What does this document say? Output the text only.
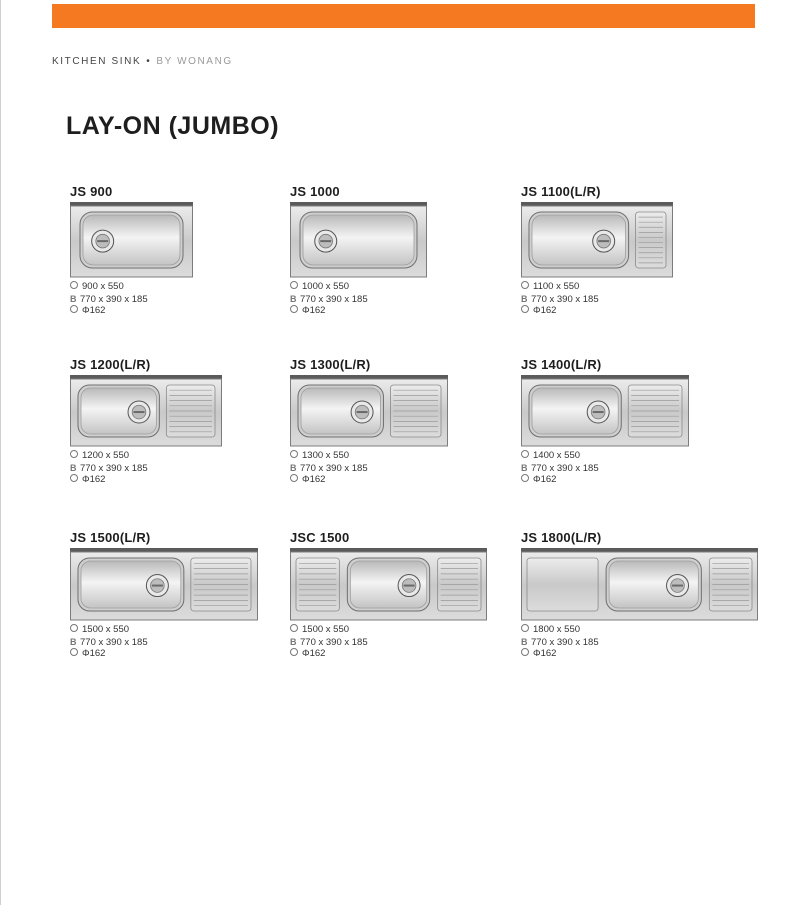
KITCHEN SINK • BY WONANG
LAY-ON (JUMBO)
JS 900
900 x 550
B 770 x 390 x 185
Φ162
JS 1000
1000 x 550
B 770 x 390 x 185
Φ162
JS 1100(L/R)
1100 x 550
B 770 x 390 x 185
Φ162
JS 1200(L/R)
1200 x 550
B 770 x 390 x 185
Φ162
JS 1300(L/R)
1300 x 550
B 770 x 390 x 185
Φ162
JS 1400(L/R)
1400 x 550
B 770 x 390 x 185
Φ162
JS 1500(L/R)
1500 x 550
B 770 x 390 x 185
Φ162
JSC 1500
1500 x 550
B 770 x 390 x 185
Φ162
JS 1800(L/R)
1800 x 550
B 770 x 390 x 185
Φ162
